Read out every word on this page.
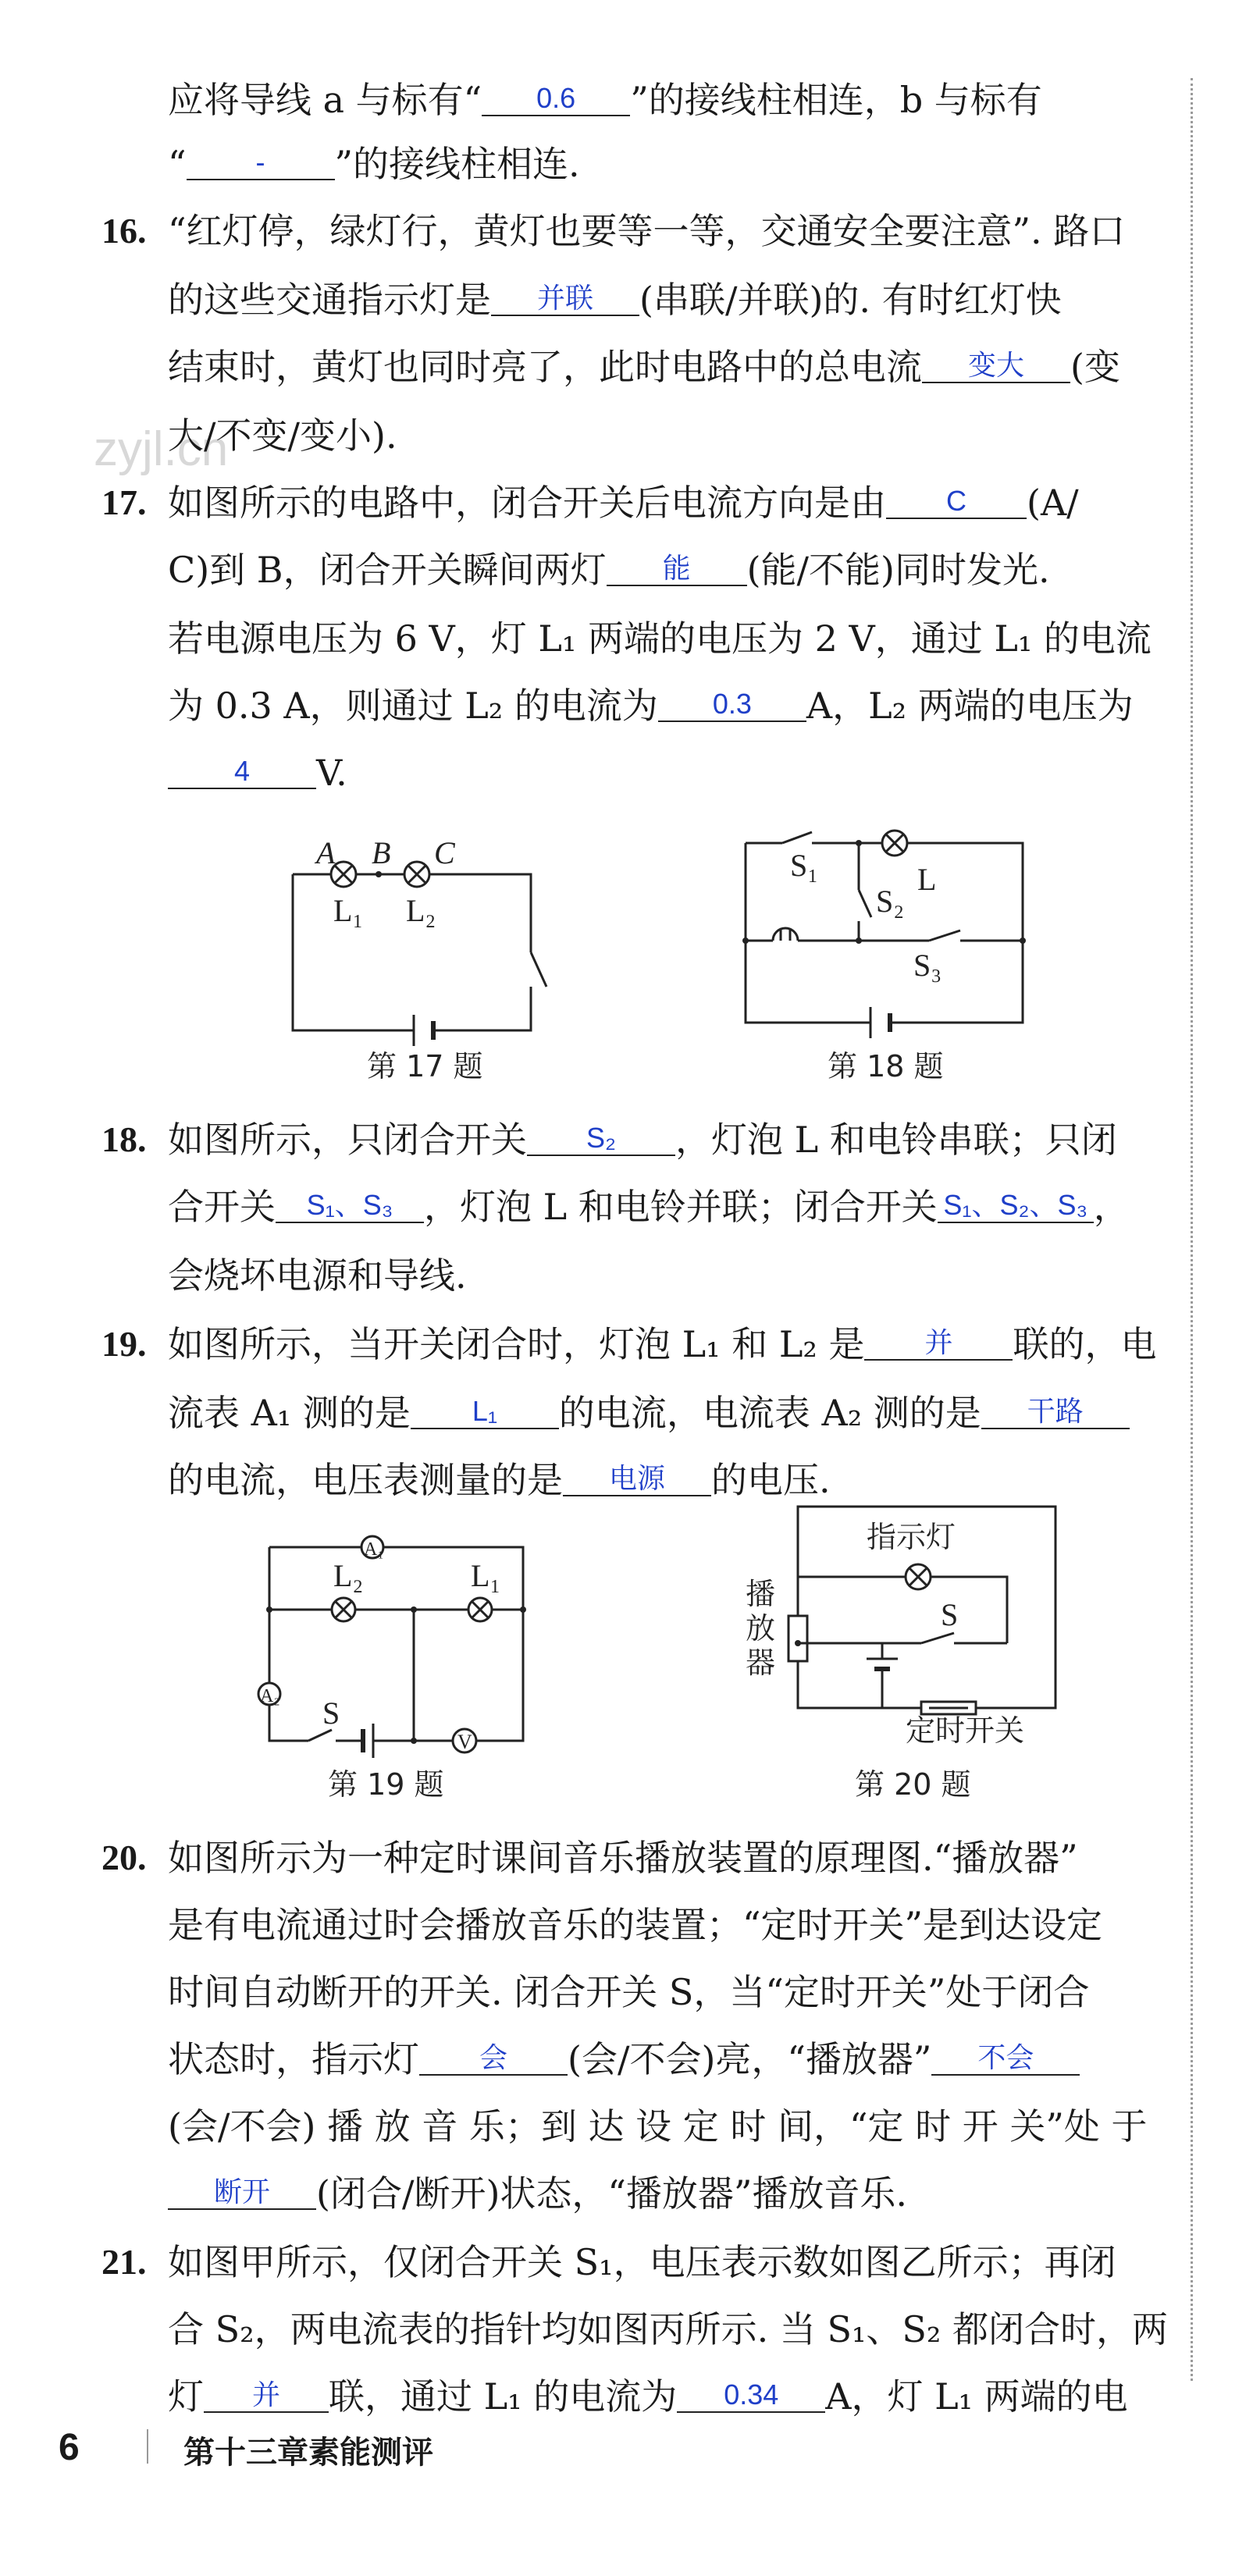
zyjl.cn
应将导线 a 与标有“ 0.6 ”的接线柱相连，b 与标有
“ - ”的接线柱相连.
16. “红灯停，绿灯行，黄灯也要等一等，交通安全要注意”. 路口
的这些交通指示灯是 并联 (串联/并联)的. 有时红灯快
结束时，黄灯也同时亮了，此时电路中的总电流 变大 (变
大/不变/变小).
17. 如图所示的电路中，闭合开关后电流方向是由 C (A/
C)到 B，闭合开关瞬间两灯 能 (能/不能)同时发光.
若电源电压为 6 V，灯 L₁ 两端的电压为 2 V，通过 L₁ 的电流
为 0.3 A，则通过 L₂ 的电流为 0.3 A，L₂ 两端的电压为
4 V.
A B C
L₁ L₂
第 17 题
S₁
S₂
L
S₃
第 18 题
18. 如图所示，只闭合开关 S₂ ，灯泡 L 和电铃串联；只闭
合开关 S₁、S₃ ，灯泡 L 和电铃并联；闭合开关 S₁、S₂、S₃ ，
会烧坏电源和导线.
19. 如图所示，当开关闭合时，灯泡 L₁ 和 L₂ 是 并 联的，电
流表 A₁ 测的是 L₁ 的电流，电流表 A₂ 测的是 干路
的电流，电压表测量的是 电源 的电压.
A₁
A₂
L₂	L₁
S
V
第 19 题
指示灯
S
定时开关
播放器
第 20 题
20. 如图所示为一种定时课间音乐播放装置的原理图.“播放器”
是有电流通过时会播放音乐的装置；“定时开关”是到达设定
时间自动断开的开关. 闭合开关 S，当“定时开关”处于闭合
状态时，指示灯 会 (会/不会)亮，“播放器” 不会
(会/不会) 播 放 音 乐；到 达 设 定 时 间，“定 时 开 关”处 于
断开 (闭合/断开)状态，“播放器”播放音乐.
21. 如图甲所示，仅闭合开关 S₁，电压表示数如图乙所示；再闭
合 S₂，两电流表的指针均如图丙所示. 当 S₁、S₂ 都闭合时，两
灯 并 联，通过 L₁ 的电流为 0.34 A，灯 L₁ 两端的电
6	第十三章素能测评
